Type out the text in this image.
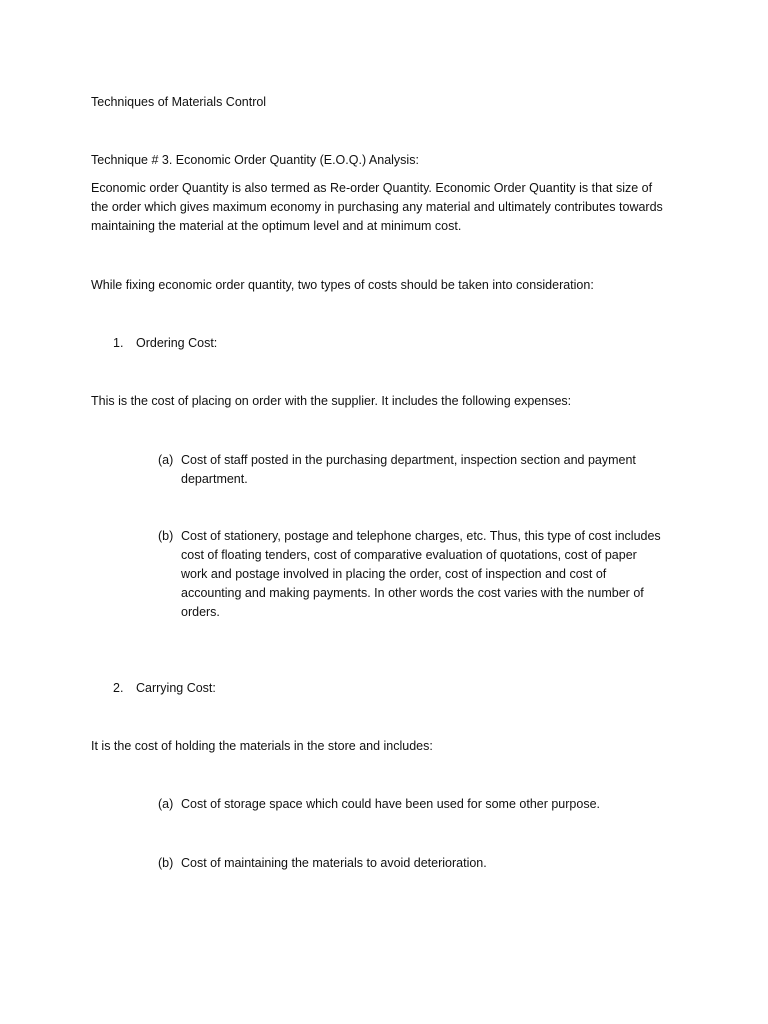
Techniques of Materials Control

Technique # 3. Economic Order Quantity (E.O.Q.) Analysis:

Economic order Quantity is also termed as Re-order Quantity. Economic Order Quantity is that size of
the order which gives maximum economy in purchasing any material and ultimately contributes towards
maintaining the material at the optimum level and at minimum cost.

While fixing economic order quantity, two types of costs should be taken into consideration:

1.	Ordering Cost:

This is the cost of placing on order with the supplier. It includes the following expenses:

(a) Cost of staff posted in the purchasing department, inspection section and payment
department.
(b) Cost of stationery, postage and telephone charges, etc. Thus, this type of cost includes
cost of floating tenders, cost of comparative evaluation of quotations, cost of paper
work and postage involved in placing the order, cost of inspection and cost of
accounting and making payments. In other words the cost varies with the number of
orders.
2.	Carrying Cost:

It is the cost of holding the materials in the store and includes:

(a) Cost of storage space which could have been used for some other purpose.

(b) Cost of maintaining the materials to avoid deterioration.
